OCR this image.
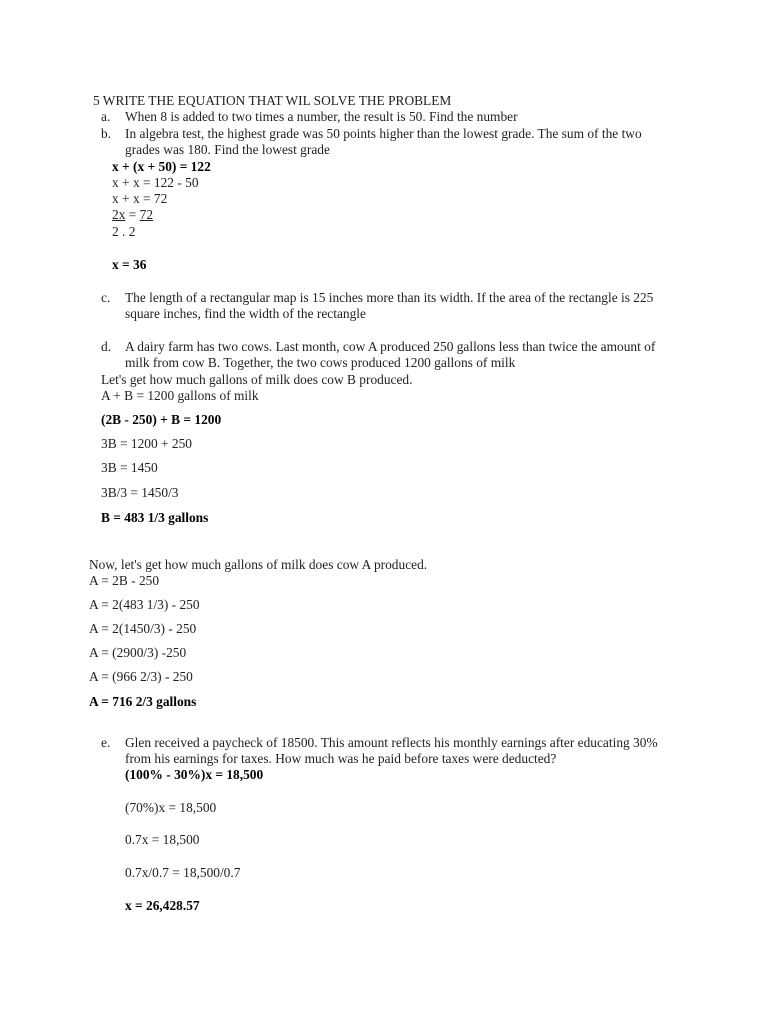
5 WRITE THE EQUATION THAT WIL SOLVE THE PROBLEM
a. When 8 is added to two times a number, the result is 50. Find the number
b. In algebra test, the highest grade was 50 points higher than the lowest grade. The sum of the two
grades was 180. Find the lowest grade
x + (x + 50) = 122
x + x = 122 - 50
x + x = 72
2x = 72
2 . 2
x = 36
c. The length of a rectangular map is 15 inches more than its width. If the area of the rectangle is 225
square inches, find the width of the rectangle
d. A dairy farm has two cows. Last month, cow A produced 250 gallons less than twice the amount of
milk from cow B. Together, the two cows produced 1200 gallons of milk
Let's get how much gallons of milk does cow B produced.
A + B = 1200 gallons of milk
(2B - 250) + B = 1200
3B = 1200 + 250
3B = 1450
3B/3 = 1450/3
B = 483 1/3 gallons
Now, let's get how much gallons of milk does cow A produced.
A = 2B - 250
A = 2(483 1/3) - 250
A = 2(1450/3) - 250
A = (2900/3) -250
A = (966 2/3) - 250
A = 716 2/3 gallons
e. Glen received a paycheck of 18500. This amount reflects his monthly earnings after educating 30%
from his earnings for taxes. How much was he paid before taxes were deducted?
(100% - 30%)x = 18,500
(70%)x = 18,500
0.7x = 18,500
0.7x/0.7 = 18,500/0.7
x = 26,428.57
